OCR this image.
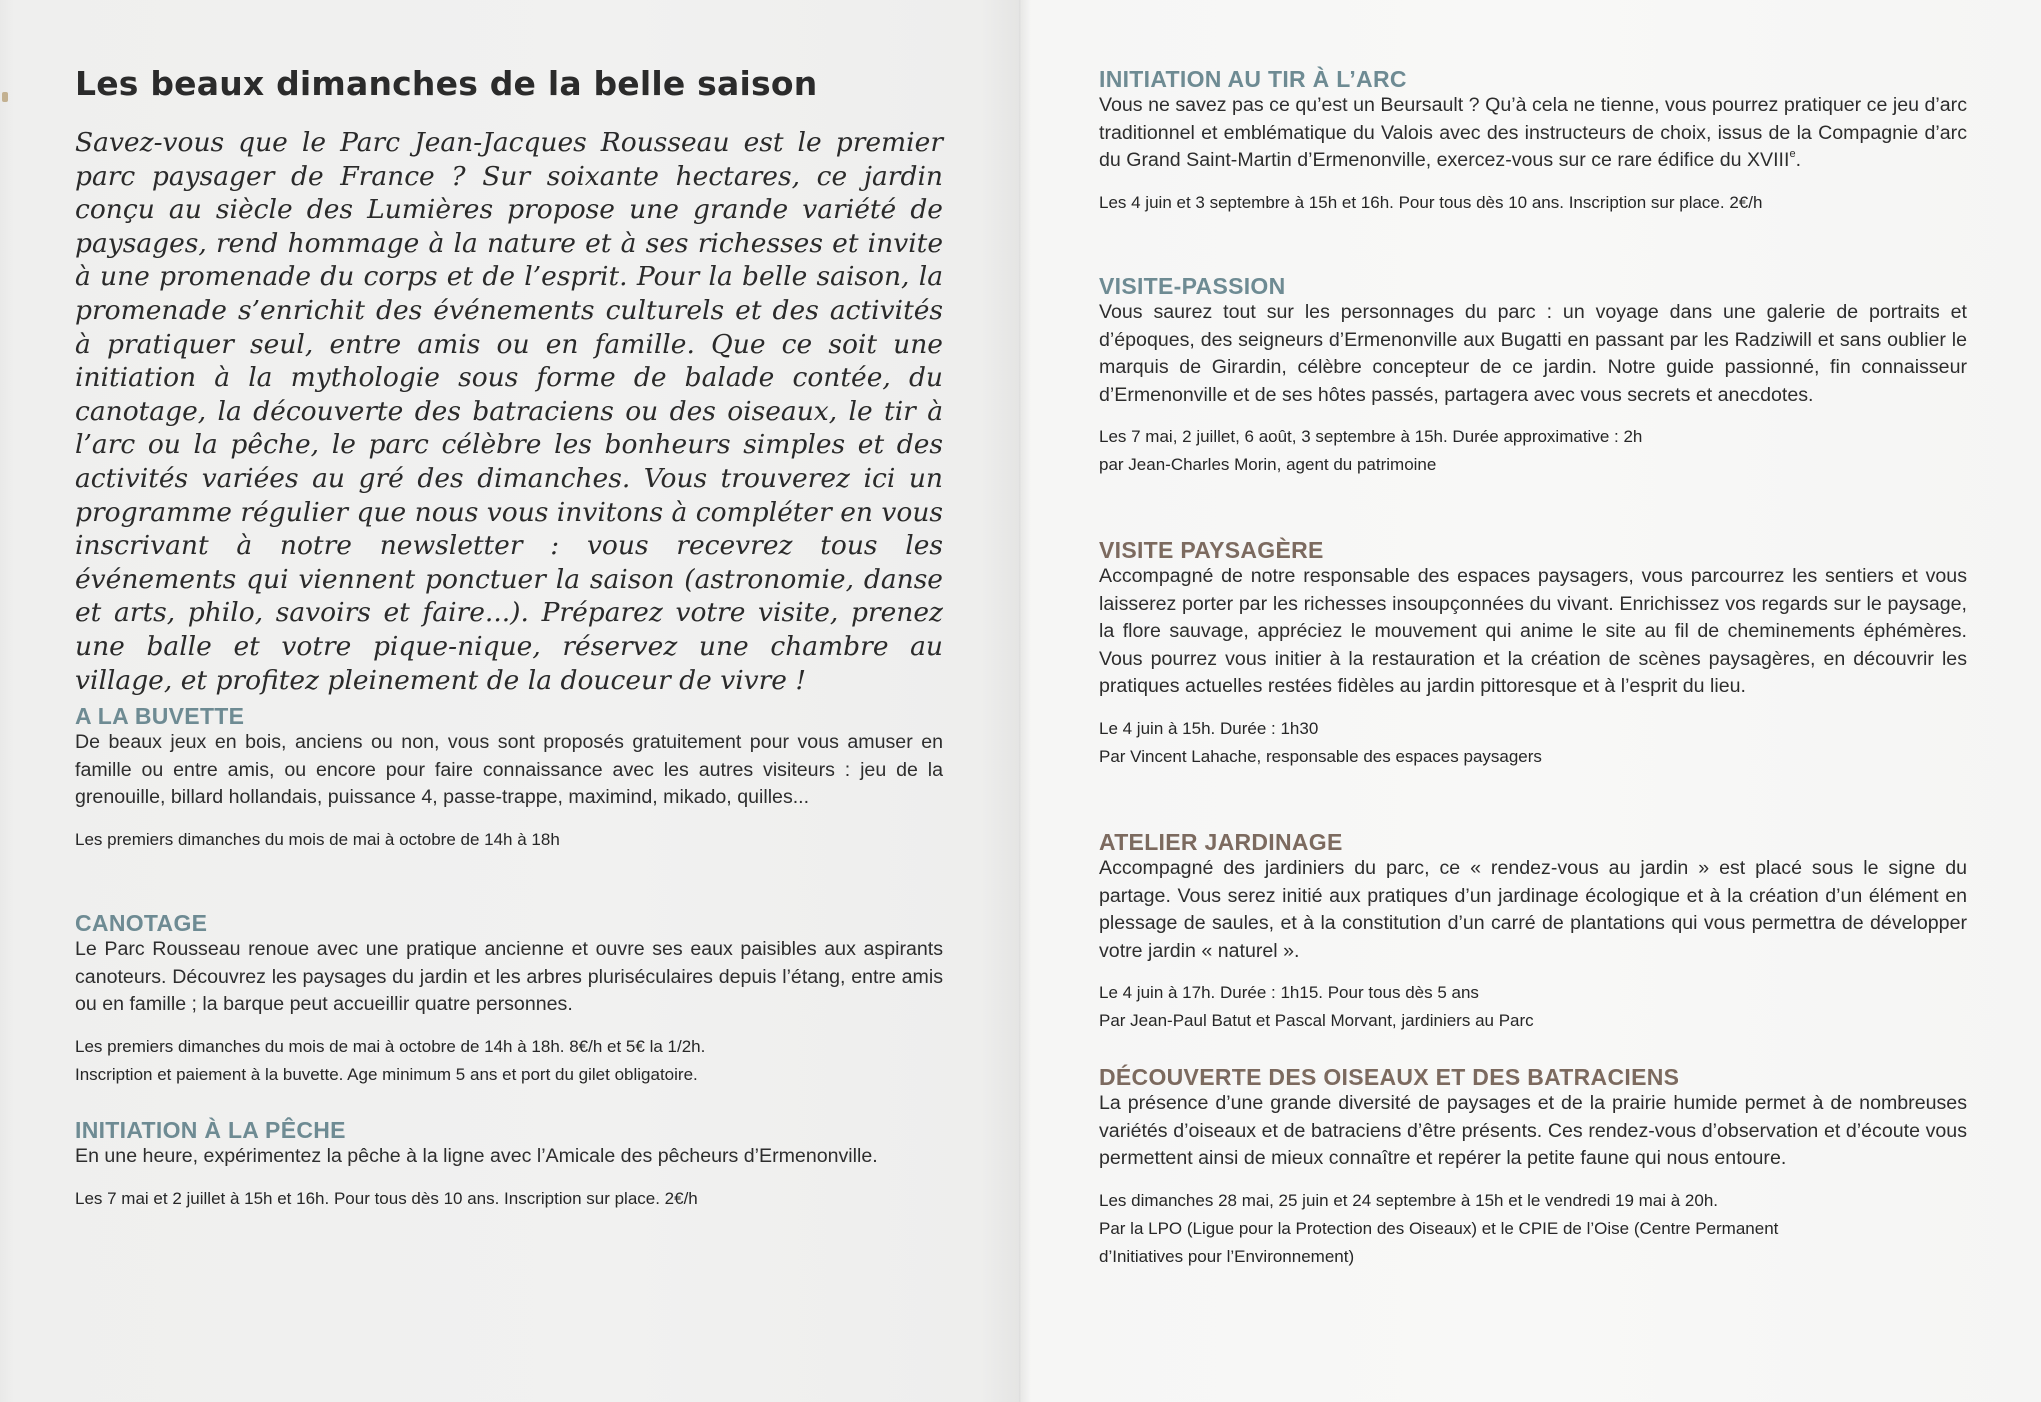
Les beaux dimanches de la belle saison

Savez-vous que le Parc Jean-Jacques Rousseau est le premier parc paysager de France ? Sur soixante hectares, ce jardin conçu au siècle des Lumières propose une grande variété de paysages, rend hommage à la nature et à ses richesses et invite à une promenade du corps et de l’esprit. Pour la belle saison, la promenade s’enrichit des événements culturels et des activités à pratiquer seul, entre amis ou en famille. Que ce soit une initiation à la mythologie sous forme de balade contée, du canotage, la découverte des batraciens ou des oiseaux, le tir à l’arc ou la pêche, le parc célèbre les bonheurs simples et des activités variées au gré des dimanches. Vous trouverez ici un programme régulier que nous vous invitons à compléter en vous inscrivant à notre newsletter : vous recevrez tous les événements qui viennent ponctuer la saison (astronomie, danse et arts, philo, savoirs et faire...). Préparez votre visite, prenez une balle et votre pique-nique, réservez une chambre au village, et profitez pleinement de la douceur de vivre !

A LA BUVETTE

De beaux jeux en bois, anciens ou non, vous sont proposés gratuitement pour vous amuser en famille ou entre amis, ou encore pour faire connaissance avec les autres visiteurs : jeu de la grenouille, billard hollandais, puissance 4, passe-trappe, maximind, mikado, quilles...

Les premiers dimanches du mois de mai à octobre de 14h à 18h

CANOTAGE

Le Parc Rousseau renoue avec une pratique ancienne et ouvre ses eaux paisibles aux aspirants canoteurs. Découvrez les paysages du jardin et les arbres pluriséculaires depuis l’étang, entre amis ou en famille ; la barque peut accueillir quatre personnes.

Les premiers dimanches du mois de mai à octobre de 14h à 18h. 8€/h et 5€ la 1/2h.
Inscription et paiement à la buvette. Age minimum 5 ans et port du gilet obligatoire.

INITIATION À LA PÊCHE

En une heure, expérimentez la pêche à la ligne avec l’Amicale des pêcheurs d’Ermenonville.

Les 7 mai et 2 juillet à 15h et 16h. Pour tous dès 10 ans. Inscription sur place. 2€/h

INITIATION AU TIR À L’ARC

Vous ne savez pas ce qu’est un Beursault ? Qu’à cela ne tienne, vous pourrez pratiquer ce jeu d’arc traditionnel et emblématique du Valois avec des instructeurs de choix, issus de la Compagnie d’arc du Grand Saint-Martin d’Ermenonville, exercez-vous sur ce rare édifice du XVIIIe.

Les 4 juin et 3 septembre à 15h et 16h. Pour tous dès 10 ans. Inscription sur place. 2€/h

VISITE-PASSION

Vous saurez tout sur les personnages du parc : un voyage dans une galerie de portraits et d’époques, des seigneurs d’Ermenonville aux Bugatti en passant par les Radziwill et sans oublier le marquis de Girardin, célèbre concepteur de ce jardin. Notre guide passionné, fin connaisseur d’Ermenonville et de ses hôtes passés, partagera avec vous secrets et anecdotes.

Les 7 mai, 2 juillet, 6 août, 3 septembre à 15h. Durée approximative : 2h
par Jean-Charles Morin, agent du patrimoine

VISITE PAYSAGÈRE

Accompagné de notre responsable des espaces paysagers, vous parcourrez les sentiers et vous laisserez porter par les richesses insoupçonnées du vivant. Enrichissez vos regards sur le paysage, la flore sauvage, appréciez le mouvement qui anime le site au fil de cheminements éphémères. Vous pourrez vous initier à la restauration et la création de scènes paysagères, en découvrir les pratiques actuelles restées fidèles au jardin pittoresque et à l’esprit du lieu.

Le 4 juin à 15h. Durée : 1h30
Par Vincent Lahache, responsable des espaces paysagers

ATELIER JARDINAGE

Accompagné des jardiniers du parc, ce « rendez-vous au jardin » est placé sous le signe du partage. Vous serez initié aux pratiques d’un jardinage écologique et à la création d’un élément en plessage de saules, et à la constitution d’un carré de plantations qui vous permettra de développer votre jardin « naturel ».

Le 4 juin à 17h. Durée : 1h15. Pour tous dès 5 ans
Par Jean-Paul Batut et Pascal Morvant, jardiniers au Parc

DÉCOUVERTE DES OISEAUX ET DES BATRACIENS

La présence d’une grande diversité de paysages et de la prairie humide permet à de nombreuses variétés d’oiseaux et de batraciens d’être présents. Ces rendez-vous d’observation et d’écoute vous permettent ainsi de mieux connaître et repérer la petite faune qui nous entoure.

Les dimanches 28 mai, 25 juin et 24 septembre à 15h et le vendredi 19 mai à 20h.
Par la LPO (Ligue pour la Protection des Oiseaux) et le CPIE de l’Oise (Centre Permanent
d’Initiatives pour l’Environnement)
